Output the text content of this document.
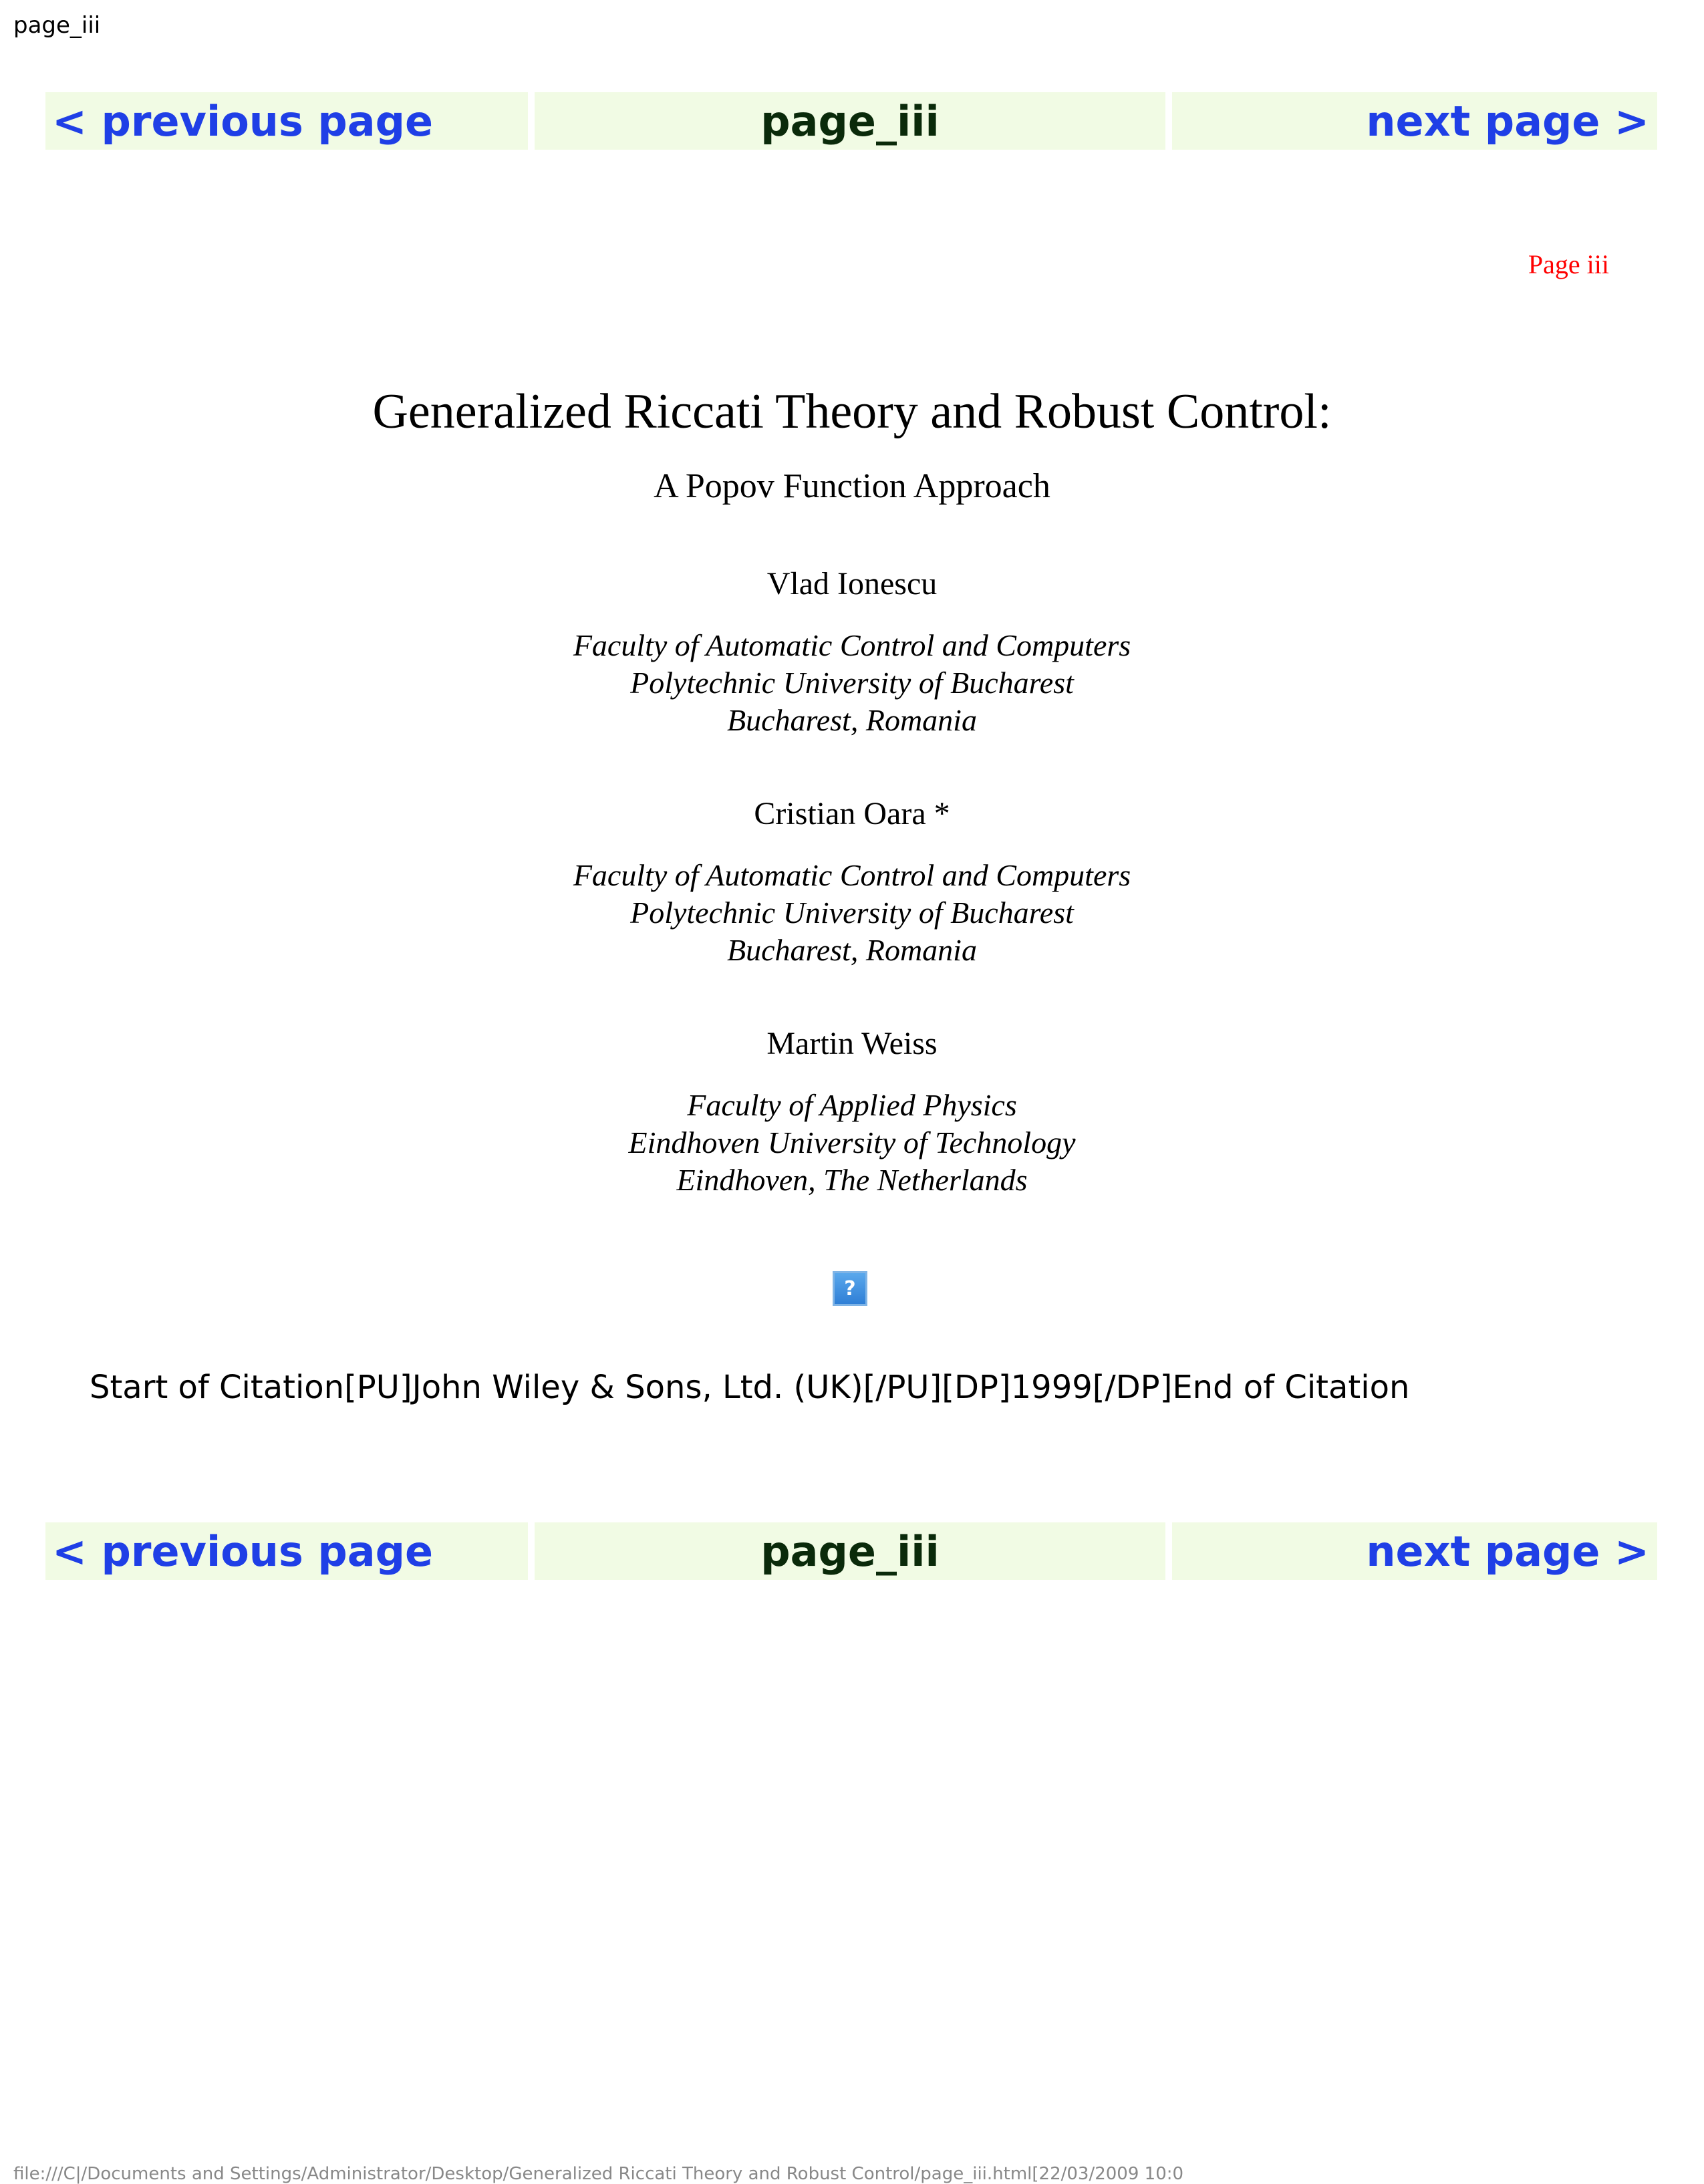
page_iii
< previous page	page_iii	next page >
Page iii
Generalized Riccati Theory and Robust Control:
A Popov Function Approach
Vlad Ionescu
Faculty of Automatic Control and Computers
Polytechnic University of Bucharest
Bucharest, Romania
Cristian Oara *
Faculty of Automatic Control and Computers
Polytechnic University of Bucharest
Bucharest, Romania
Martin Weiss
Faculty of Applied Physics
Eindhoven University of Technology
Eindhoven, The Netherlands
?
Start of Citation[PU]John Wiley & Sons, Ltd. (UK)[/PU][DP]1999[/DP]End of Citation
< previous page	page_iii	next page >
file:///C|/Documents and Settings/Administrator/Desktop/Generalized Riccati Theory and Robust Control/page_iii.html[22/03/2009 10:0
